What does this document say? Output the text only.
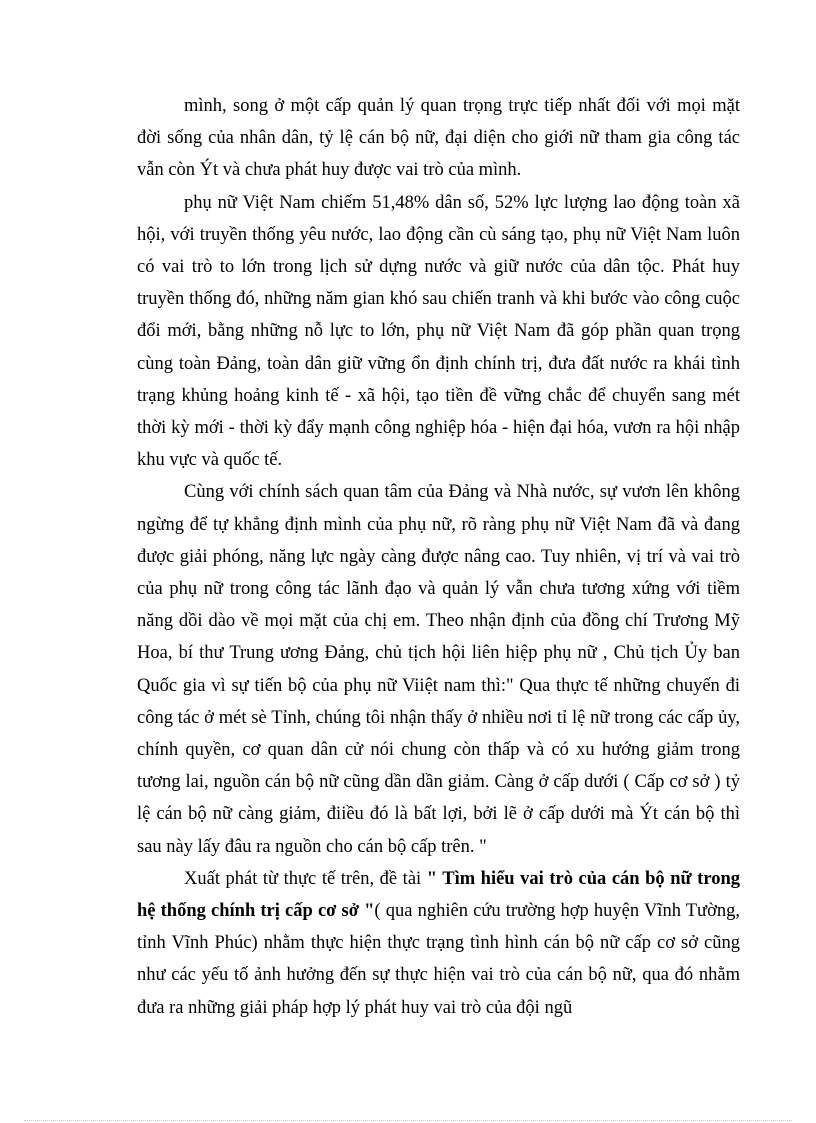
mình, song ở một cấp quản lý quan trọng trực tiếp nhất đối với mọi mặt đời sống của nhân dân, tỷ lệ cán bộ nữ, đại diện cho giới nữ tham gia công tác vẫn còn Ýt và chưa phát huy được vai trò của mình.

phụ nữ Việt Nam chiếm 51,48% dân số, 52% lực lượng lao động toàn xã hội, với truyền thống yêu nước, lao động cần cù sáng tạo, phụ nữ Việt Nam luôn có vai trò to lớn trong lịch sử dựng nước và giữ nước của dân tộc. Phát huy truyền thống đó, những năm gian khó sau chiến tranh và khi bước vào công cuộc đổi mới, bằng những nỗ lực to lớn, phụ nữ Việt Nam đã góp phần quan trọng cùng toàn Đảng, toàn dân giữ vững ổn định chính trị, đưa đất nước ra khái tình trạng khủng hoảng kinh tế - xã hội, tạo tiền đề vững chắc để chuyển sang mét thời kỳ mới - thời kỳ đẩy mạnh công nghiệp hóa - hiện đại hóa, vươn ra hội nhập khu vực và quốc tế.

Cùng với chính sách quan tâm của Đảng và Nhà nước, sự vươn lên không ngừng để tự khẳng định mình của phụ nữ, rõ ràng phụ nữ Việt Nam đã và đang được giải phóng, năng lực ngày càng được nâng cao. Tuy nhiên, vị trí và vai trò của phụ nữ trong công tác lãnh đạo và quản lý vẫn chưa tương xứng với tiềm năng dồi dào về mọi mặt của chị em. Theo nhận định của đồng chí Trương Mỹ Hoa, bí thư Trung ương Đảng, chủ tịch hội liên hiệp phụ nữ , Chủ tịch Ủy ban Quốc gia vì sự tiến bộ của phụ nữ Viiệt nam thì:" Qua thực tế những chuyến đi công tác ở mét sè Tỉnh, chúng tôi nhận thấy ở nhiều nơi tỉ lệ nữ trong các cấp ủy, chính quyền, cơ quan dân cử nói chung còn thấp và có xu hướng giảm trong tương lai, nguồn cán bộ nữ cũng dần dần giảm. Càng ở cấp dưới ( Cấp cơ sở ) tỷ lệ cán bộ nữ càng giảm, điiều đó là bất lợi, bởi lẽ ở cấp dưới mà Ýt cán bộ thì sau này lấy đâu ra nguồn cho cán bộ cấp trên. "

Xuất phát từ thực tế trên, đề tài " Tìm hiểu vai trò của cán bộ nữ trong hệ thống chính trị cấp cơ sở "( qua nghiên cứu trường hợp huyện Vĩnh Tường, tỉnh Vĩnh Phúc) nhằm thực hiện thực trạng tình hình cán bộ nữ cấp cơ sở cũng như các yếu tố ảnh hưởng đến sự thực hiện vai trò của cán bộ nữ, qua đó nhằm đưa ra những giải pháp hợp lý phát huy vai trò của đội ngũ
